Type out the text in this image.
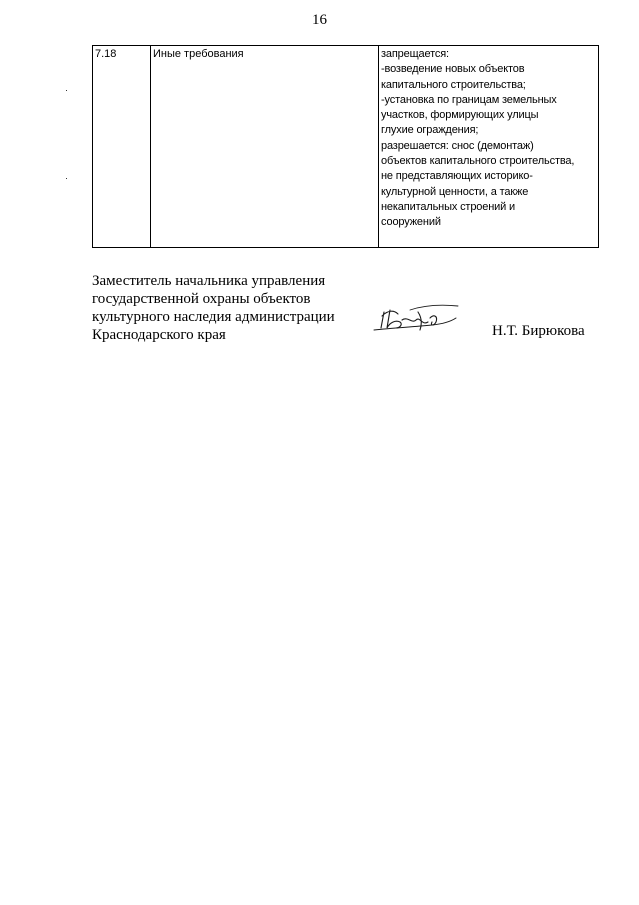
16
7.18	Иные требования	запрещается:
-возведение новых объектов
капитального строительства;
-установка по границам земельных
участков, формирующих улицы
глухие ограждения;
разрешается: снос (демонтаж)
объектов капитального строительства,
не представляющих историко-
культурной ценности, а также
некапитальных строений и
сооружений
Заместитель начальника управления
государственной охраны объектов
культурного наследия администрации
Краснодарского края	Н.Т. Бирюкова
